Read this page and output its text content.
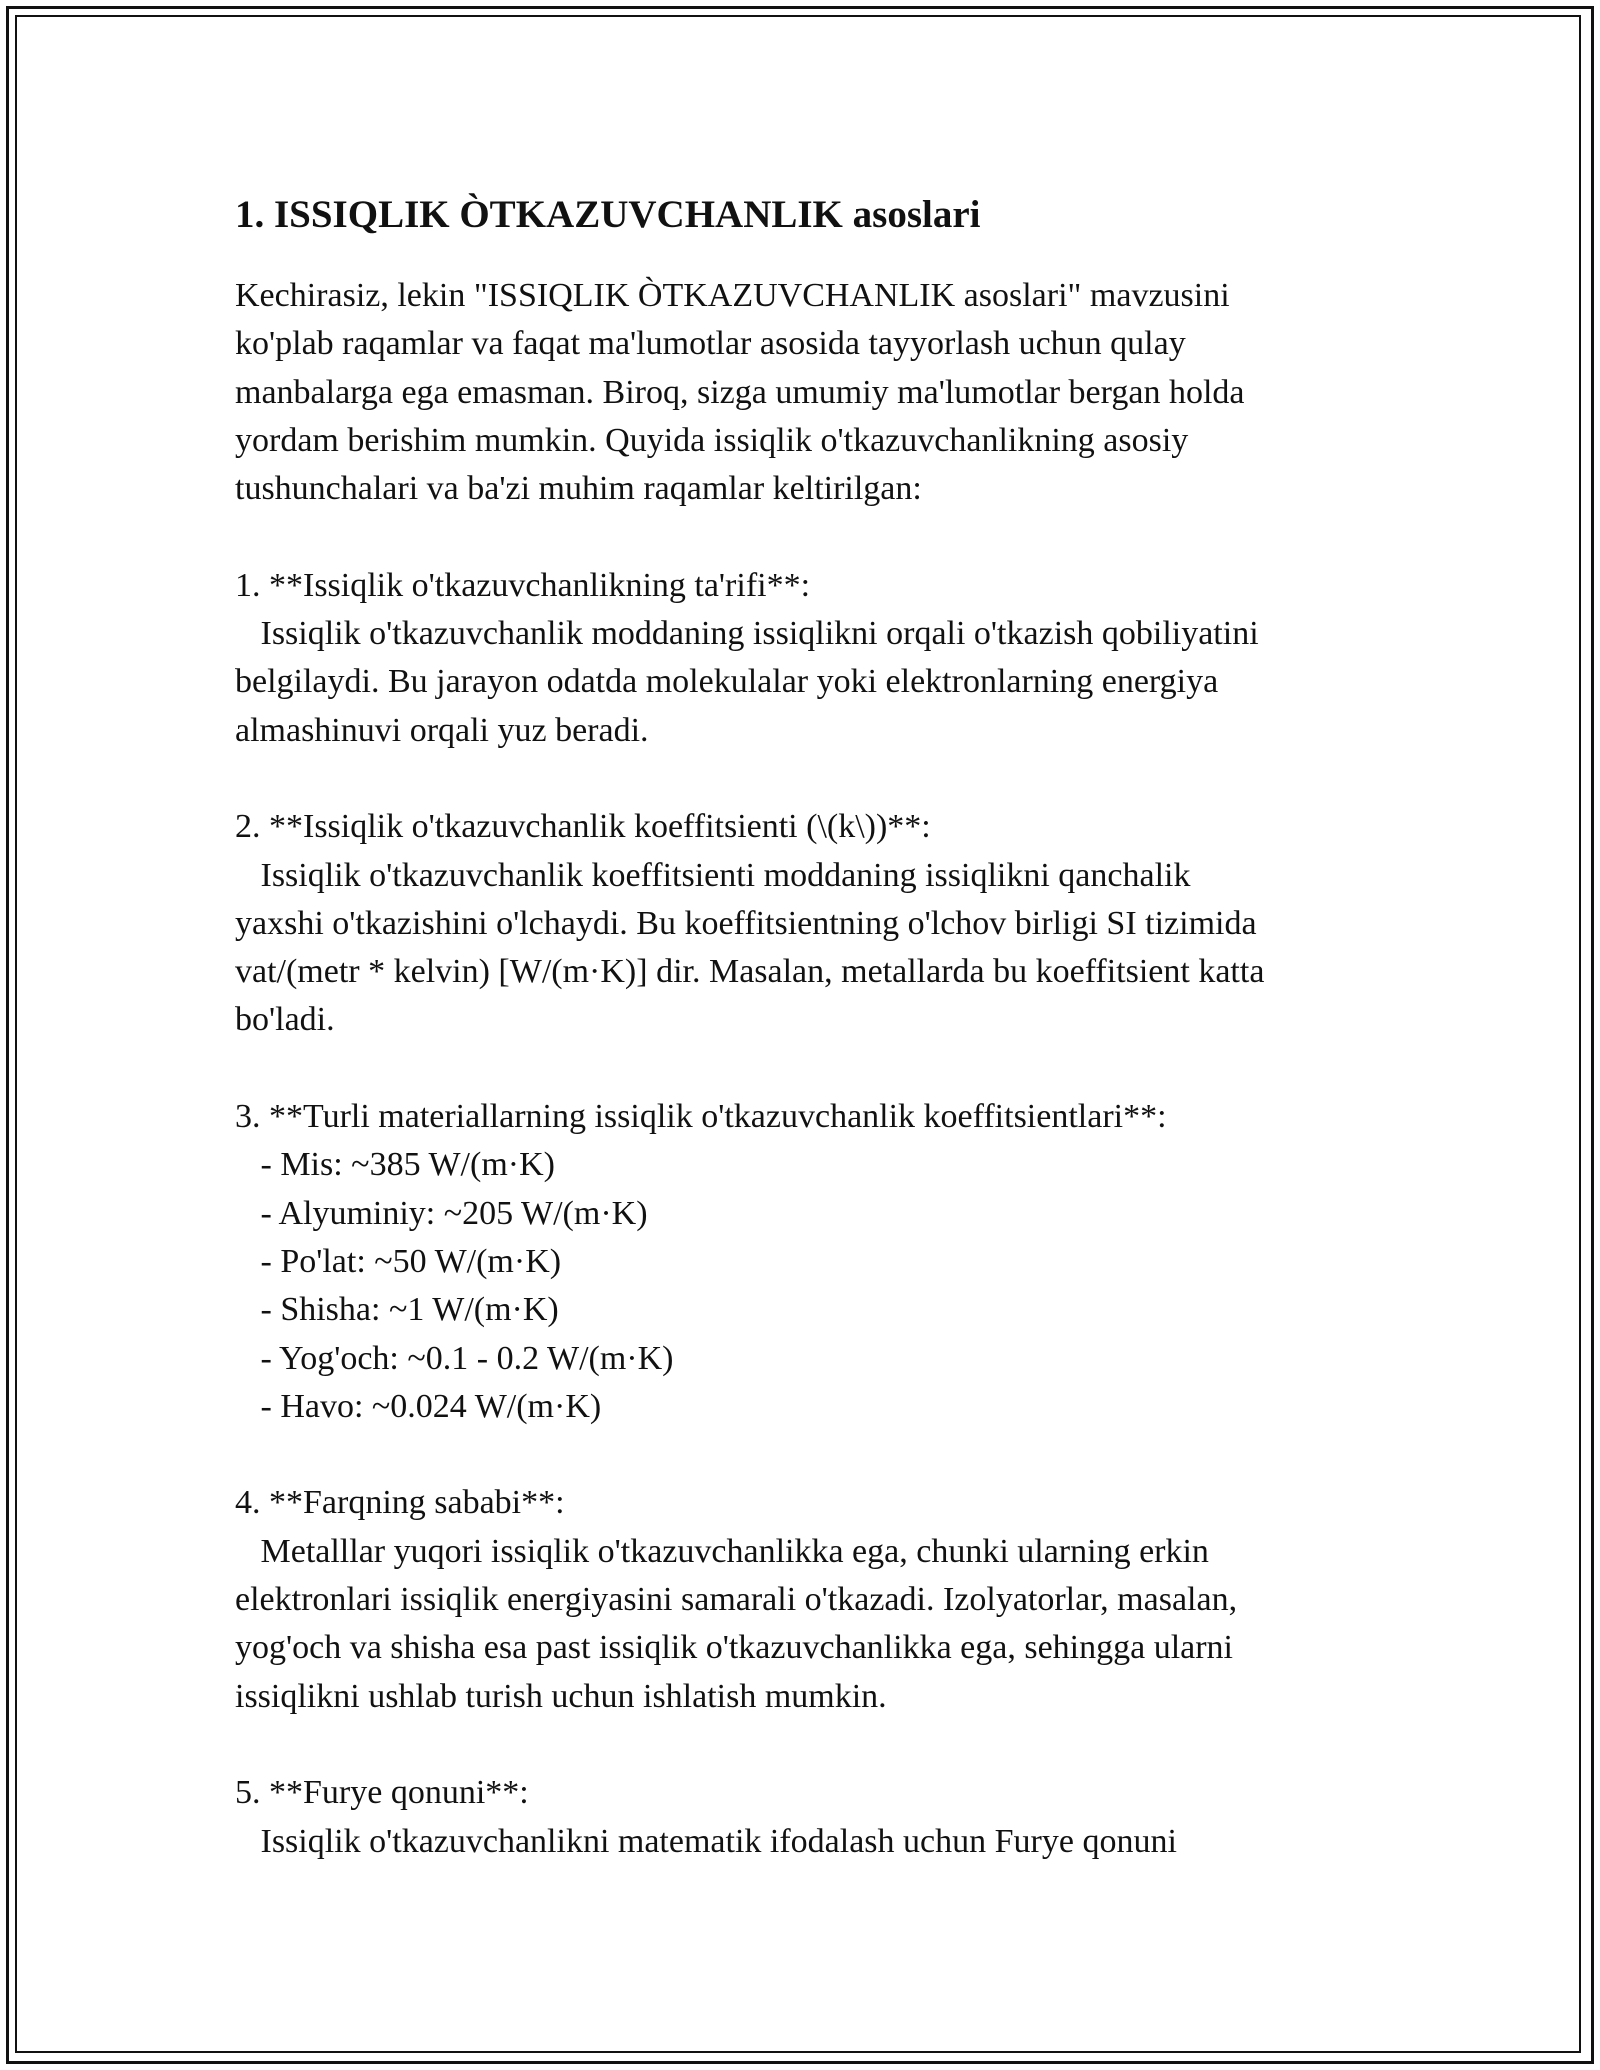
1. ISSIQLIK ÒTKAZUVCHANLIK asoslari
Kechirasiz, lekin "ISSIQLIK ÒTKAZUVCHANLIK asoslari" mavzusini
ko'plab raqamlar va faqat ma'lumotlar asosida tayyorlash uchun qulay
manbalarga ega emasman. Biroq, sizga umumiy ma'lumotlar bergan holda
yordam berishim mumkin. Quyida issiqlik o'tkazuvchanlikning asosiy
tushunchalari va ba'zi muhim raqamlar keltirilgan:
1. **Issiqlik o'tkazuvchanlikning ta'rifi**:
Issiqlik o'tkazuvchanlik moddaning issiqlikni orqali o'tkazish qobiliyatini
belgilaydi. Bu jarayon odatda molekulalar yoki elektronlarning energiya
almashinuvi orqali yuz beradi.
2. **Issiqlik o'tkazuvchanlik koeffitsienti (\(k\))**:
Issiqlik o'tkazuvchanlik koeffitsienti moddaning issiqlikni qanchalik
yaxshi o'tkazishini o'lchaydi. Bu koeffitsientning o'lchov birligi SI tizimida
vat/(metr * kelvin) [W/(m·K)] dir. Masalan, metallarda bu koeffitsient katta
bo'ladi.
3. **Turli materiallarning issiqlik o'tkazuvchanlik koeffitsientlari**:
- Mis: ~385 W/(m·K)
- Alyuminiy: ~205 W/(m·K)
- Po'lat: ~50 W/(m·K)
- Shisha: ~1 W/(m·K)
- Yog'och: ~0.1 - 0.2 W/(m·K)
- Havo: ~0.024 W/(m·K)
4. **Farqning sababi**:
Metalllar yuqori issiqlik o'tkazuvchanlikka ega, chunki ularning erkin
elektronlari issiqlik energiyasini samarali o'tkazadi. Izolyatorlar, masalan,
yog'och va shisha esa past issiqlik o'tkazuvchanlikka ega, sehingga ularni
issiqlikni ushlab turish uchun ishlatish mumkin.
5. **Furye qonuni**:
Issiqlik o'tkazuvchanlikni matematik ifodalash uchun Furye qonuni
